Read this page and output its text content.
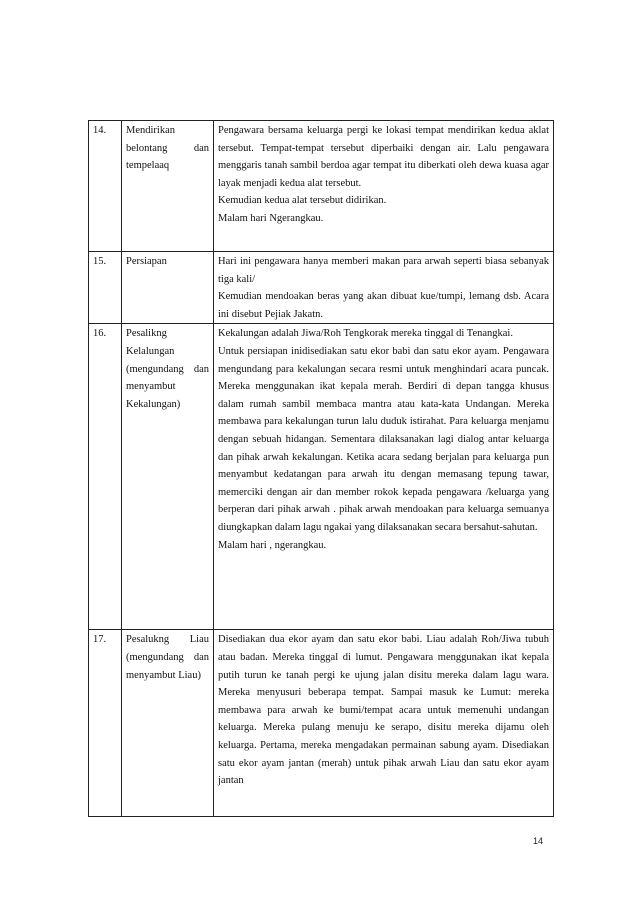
14.	Mendirikan belontang dan tempelaaq	Pengawara bersama keluarga pergi ke lokasi tempat mendirikan kedua aklat tersebut. Tempat-tempat tersebut diperbaiki dengan air. Lalu pengawara menggaris tanah sambil berdoa agar tempat itu diberkati oleh dewa kuasa agar layak menjadi kedua alat tersebut.
Kemudian kedua alat tersebut didirikan.
Malam hari Ngerangkau.

15.	Persiapan	Hari ini pengawara hanya memberi makan para arwah seperti biasa sebanyak tiga kali/
Kemudian mendoakan beras yang akan dibuat kue/tumpi, lemang dsb. Acara ini disebut Pejiak Jakatn.

16.	Pesalikng Kelalungan (mengundang dan menyambut Kekalungan)	Kekalungan adalah Jiwa/Roh Tengkorak mereka tinggal di Tenangkai.
Untuk persiapan inidisediakan satu ekor babi dan satu ekor ayam. Pengawara mengundang para kekalungan secara resmi untuk menghindari acara puncak. Mereka menggunakan ikat kepala merah. Berdiri di depan tangga khusus dalam rumah sambil membaca mantra atau kata-kata Undangan. Mereka membawa para kekalungan turun lalu duduk istirahat. Para keluarga menjamu dengan sebuah hidangan. Sementara dilaksanakan lagi dialog antar keluarga dan pihak arwah kekalungan. Ketika acara sedang berjalan para keluarga pun menyambut kedatangan para arwah itu dengan memasang tepung tawar, memerciki dengan air dan member rokok kepada pengawara /keluarga yang berperan dari pihak arwah . pihak arwah mendoakan para keluarga semuanya diungkapkan dalam lagu ngakai yang dilaksanakan secara bersahut-sahutan.
Malam hari , ngerangkau.

17.	Pesalukng Liau (mengundang dan menyambut Liau)	Disediakan dua ekor ayam dan satu ekor babi. Liau adalah Roh/Jiwa tubuh atau badan. Mereka tinggal di lumut. Pengawara menggunakan ikat kepala putih turun ke tanah pergi ke ujung jalan disitu mereka dalam lagu wara. Mereka menyusuri beberapa tempat. Sampai masuk ke Lumut: mereka membawa para arwah ke bumi/tempat acara untuk memenuhi undangan keluarga. Mereka pulang menuju ke serapo, disitu mereka dijamu oleh keluarga. Pertama, mereka mengadakan permainan sabung ayam. Disediakan satu ekor ayam jantan (merah) untuk pihak arwah Liau dan satu ekor ayam jantan
14
